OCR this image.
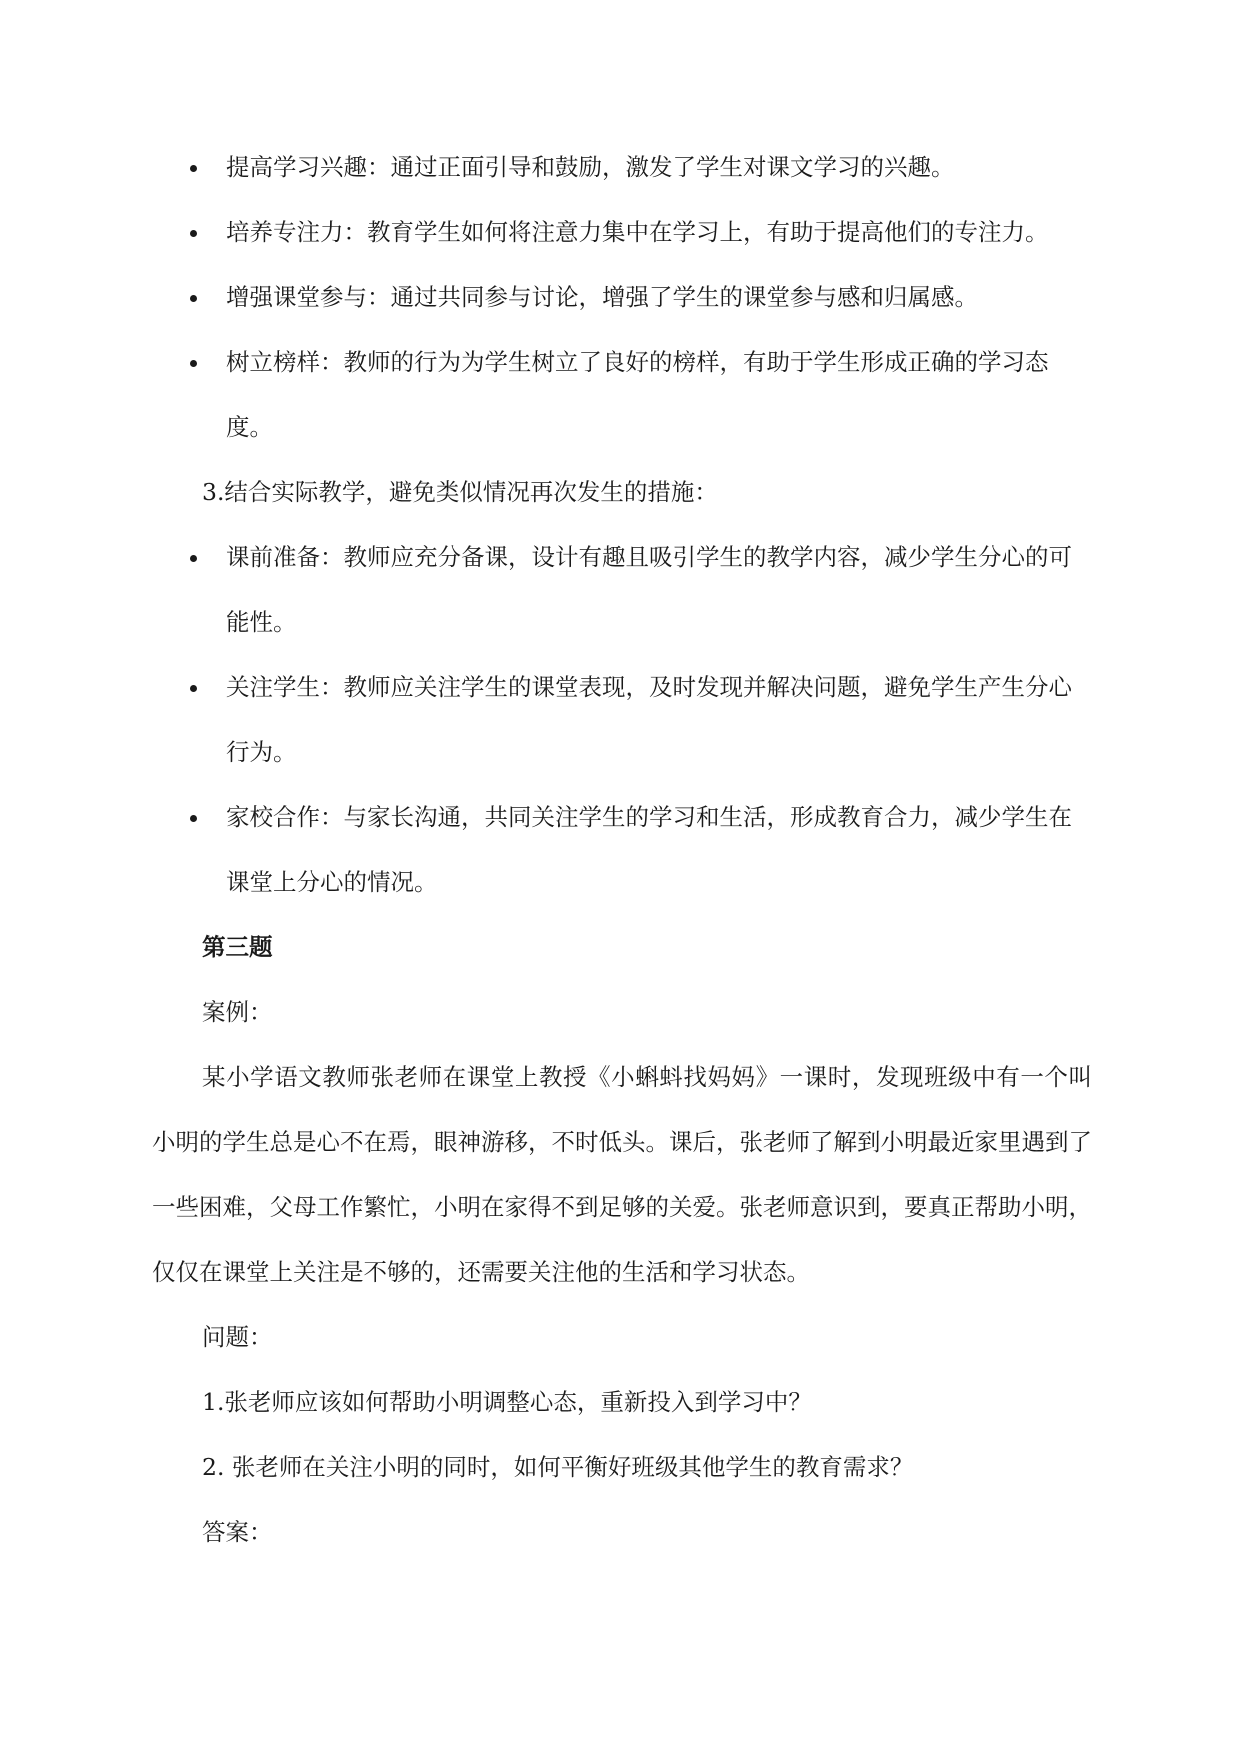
提高学习兴趣：通过正面引导和鼓励，激发了学生对课文学习的兴趣。
培养专注力：教育学生如何将注意力集中在学习上，有助于提高他们的专注力。
增强课堂参与：通过共同参与讨论，增强了学生的课堂参与感和归属感。
树立榜样：教师的行为为学生树立了良好的榜样，有助于学生形成正确的学习态度。
3.结合实际教学，避免类似情况再次发生的措施：
课前准备：教师应充分备课，设计有趣且吸引学生的教学内容，减少学生分心的可能性。
关注学生：教师应关注学生的课堂表现，及时发现并解决问题，避免学生产生分心行为。
家校合作：与家长沟通，共同关注学生的学习和生活，形成教育合力，减少学生在课堂上分心的情况。
第三题
案例：
某小学语文教师张老师在课堂上教授《小蝌蚪找妈妈》一课时，发现班级中有一个叫小明的学生总是心不在焉，眼神游移，不时低头。课后，张老师了解到小明最近家里遇到了一些困难，父母工作繁忙，小明在家得不到足够的关爱。张老师意识到，要真正帮助小明，仅仅在课堂上关注是不够的，还需要关注他的生活和学习状态。
问题：
1.张老师应该如何帮助小明调整心态，重新投入到学习中？
2. 张老师在关注小明的同时，如何平衡好班级其他学生的教育需求？
答案：
